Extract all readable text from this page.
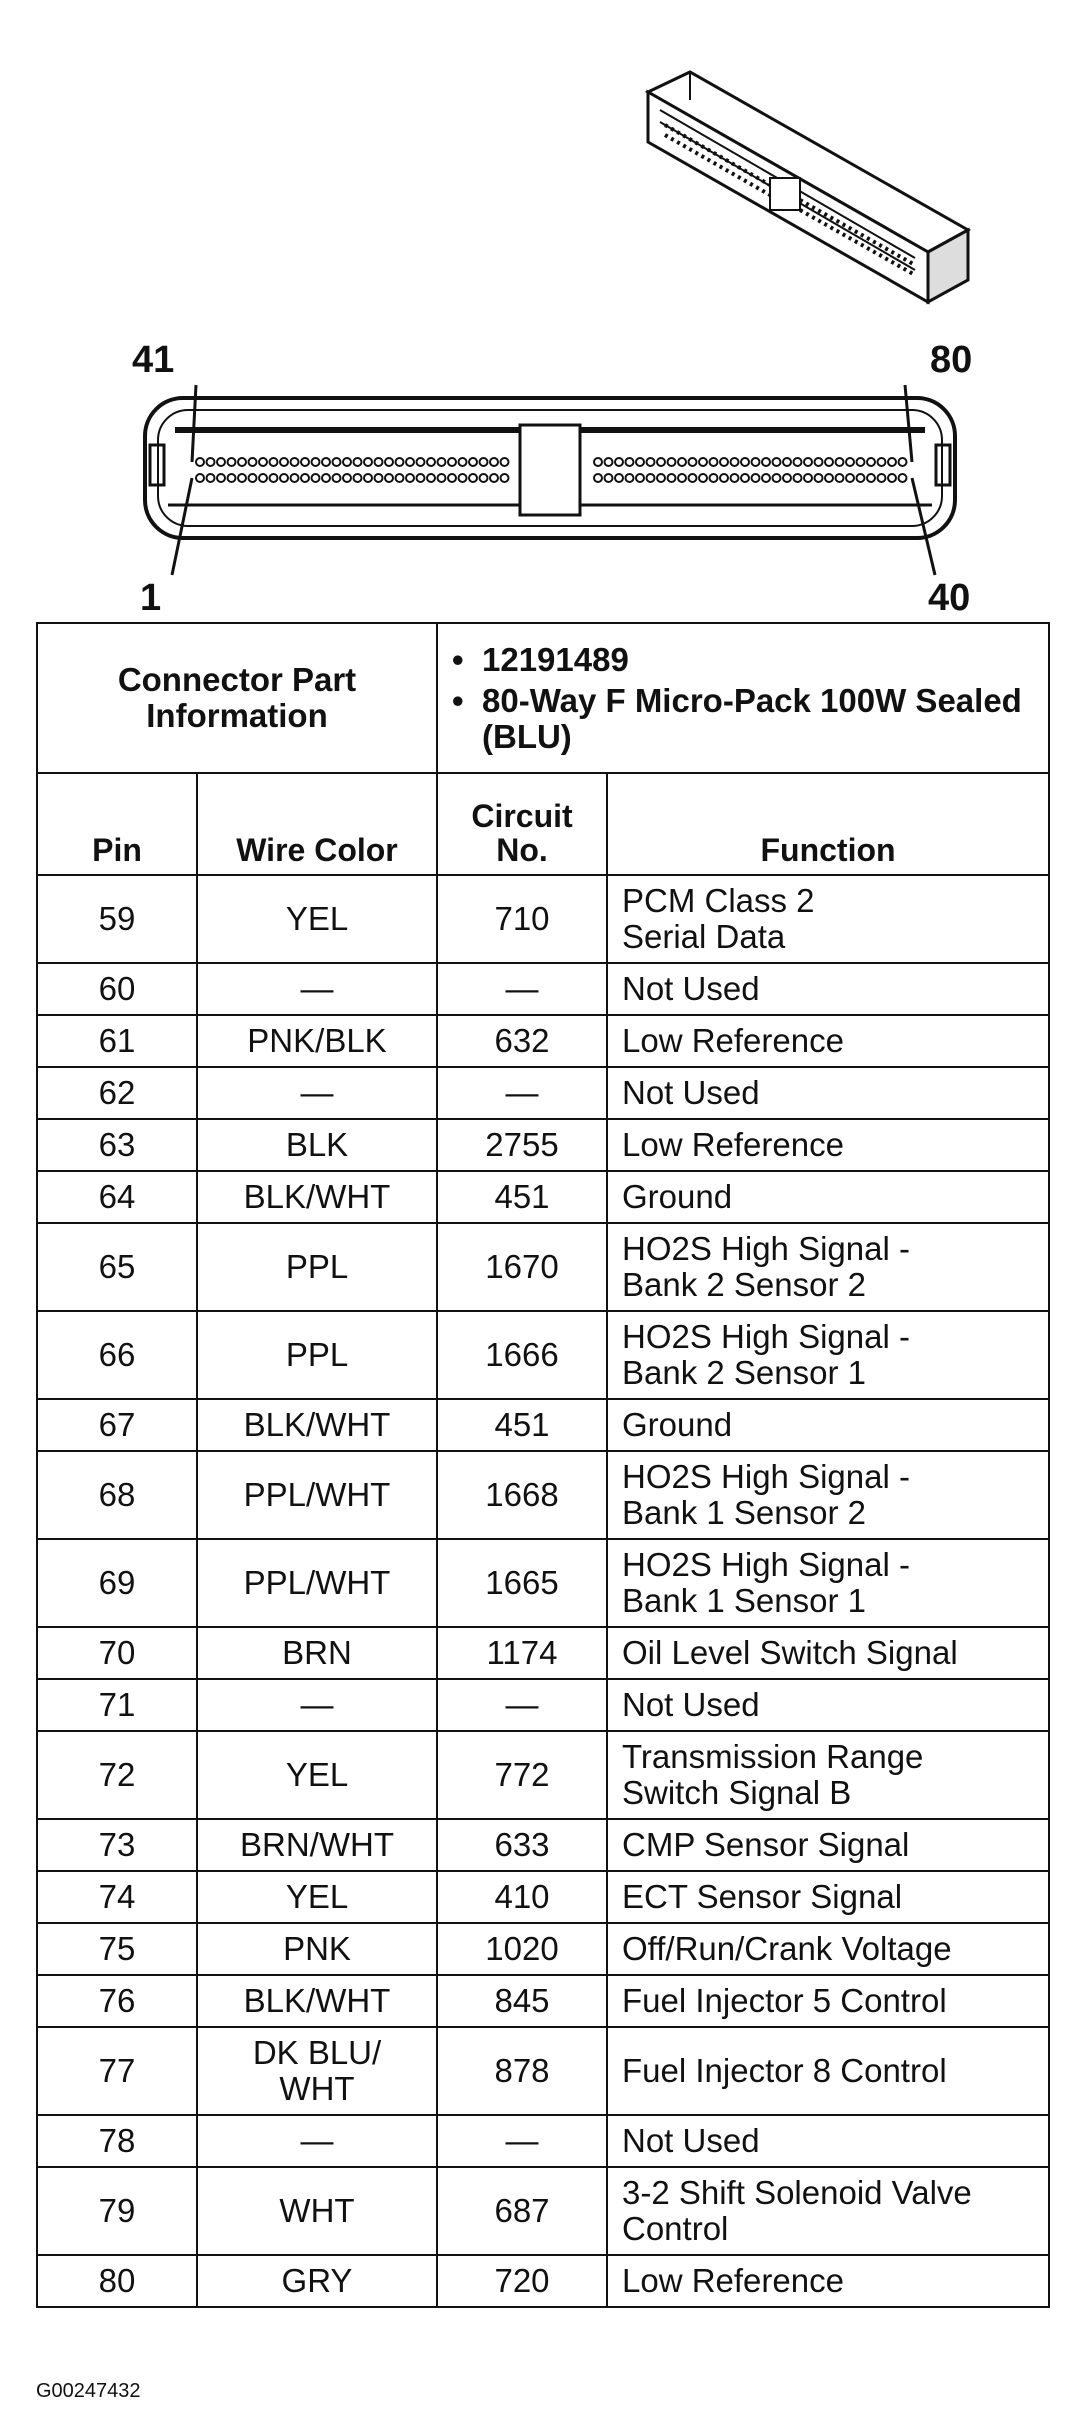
41	80
1	40
Connector Part Information		• 12191489
• 80-Way F Micro-Pack 100W Sealed (BLU)	

Pin	Wire Color	Circuit No.	Function
59	YEL	710	PCM Class 2
Serial Data
60	—	—	Not Used
61	PNK/BLK	632	Low Reference
62	—	—	Not Used
63	BLK	2755	Low Reference
64	BLK/WHT	451	Ground
65	PPL	1670	HO2S High Signal -
Bank 2 Sensor 2
66	PPL	1666	HO2S High Signal -
Bank 2 Sensor 1
67	BLK/WHT	451	Ground
68	PPL/WHT	1668	HO2S High Signal -
Bank 1 Sensor 2
69	PPL/WHT	1665	HO2S High Signal -
Bank 1 Sensor 1
70	BRN	1174	Oil Level Switch Signal
71	—	—	Not Used
72	YEL	772	Transmission Range
Switch Signal B
73	BRN/WHT	633	CMP Sensor Signal
74	YEL	410	ECT Sensor Signal
75	PNK	1020	Off/Run/Crank Voltage
76	BLK/WHT	845	Fuel Injector 5 Control
77	DK BLU/
WHT	878	Fuel Injector 8 Control
78	—	—	Not Used
79	WHT	687	3-2 Shift Solenoid Valve
Control
80	GRY	720	Low Reference
G00247432
